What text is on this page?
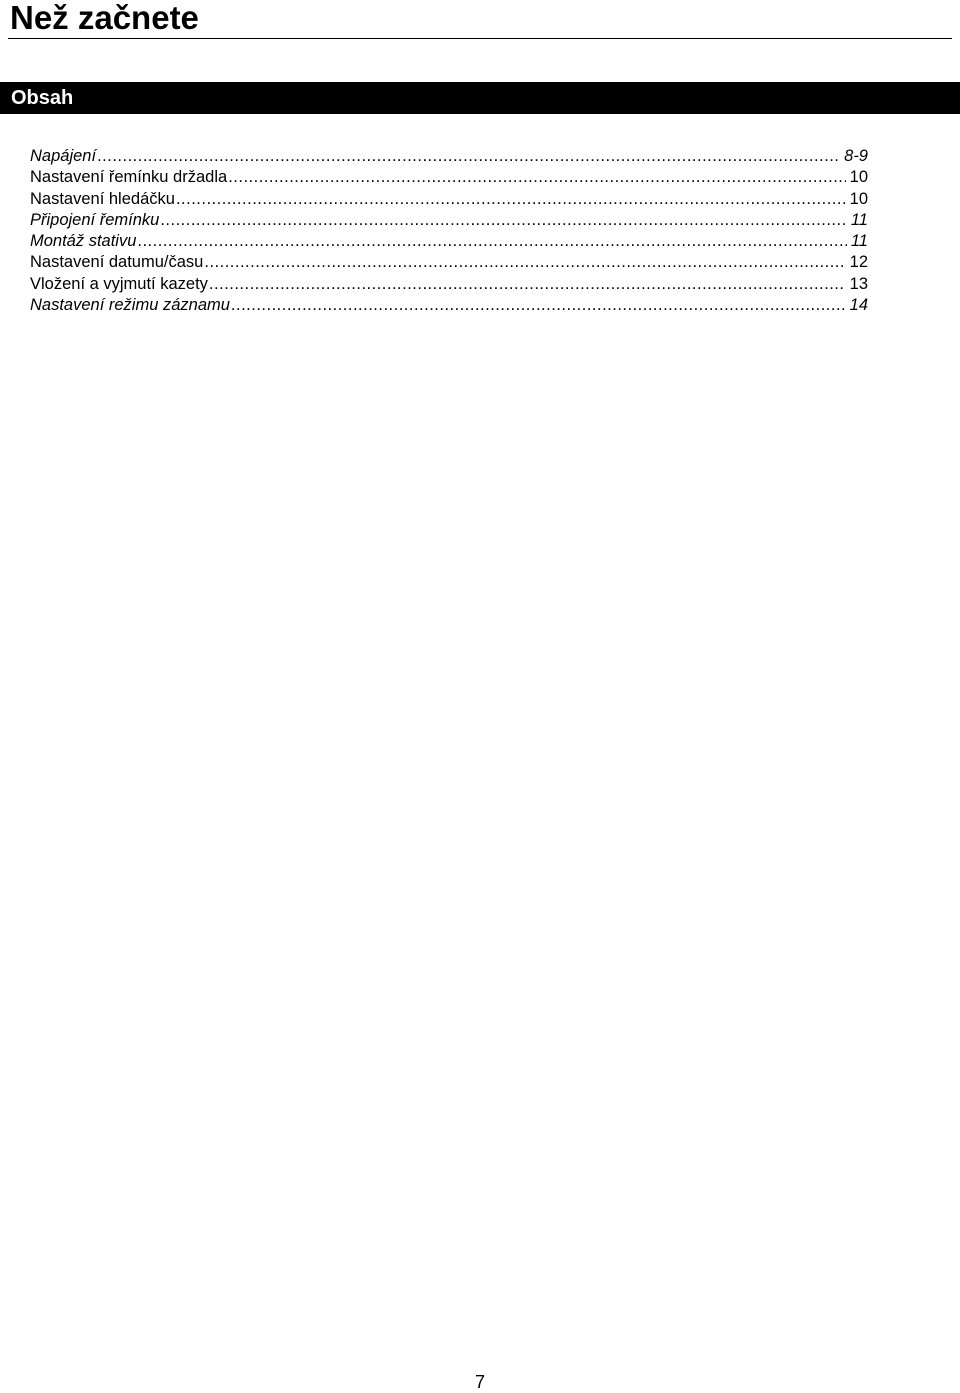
Než začnete
Obsah
Napájení .....	8-9
Nastavení řemínku držadla .....	10
Nastavení hledáčku .....	10
Připojení řemínku .....	11
Montáž stativu .....	11
Nastavení datumu/času .....	12
Vložení a vyjmutí kazety .....	13
Nastavení režimu záznamu .....	14
7
